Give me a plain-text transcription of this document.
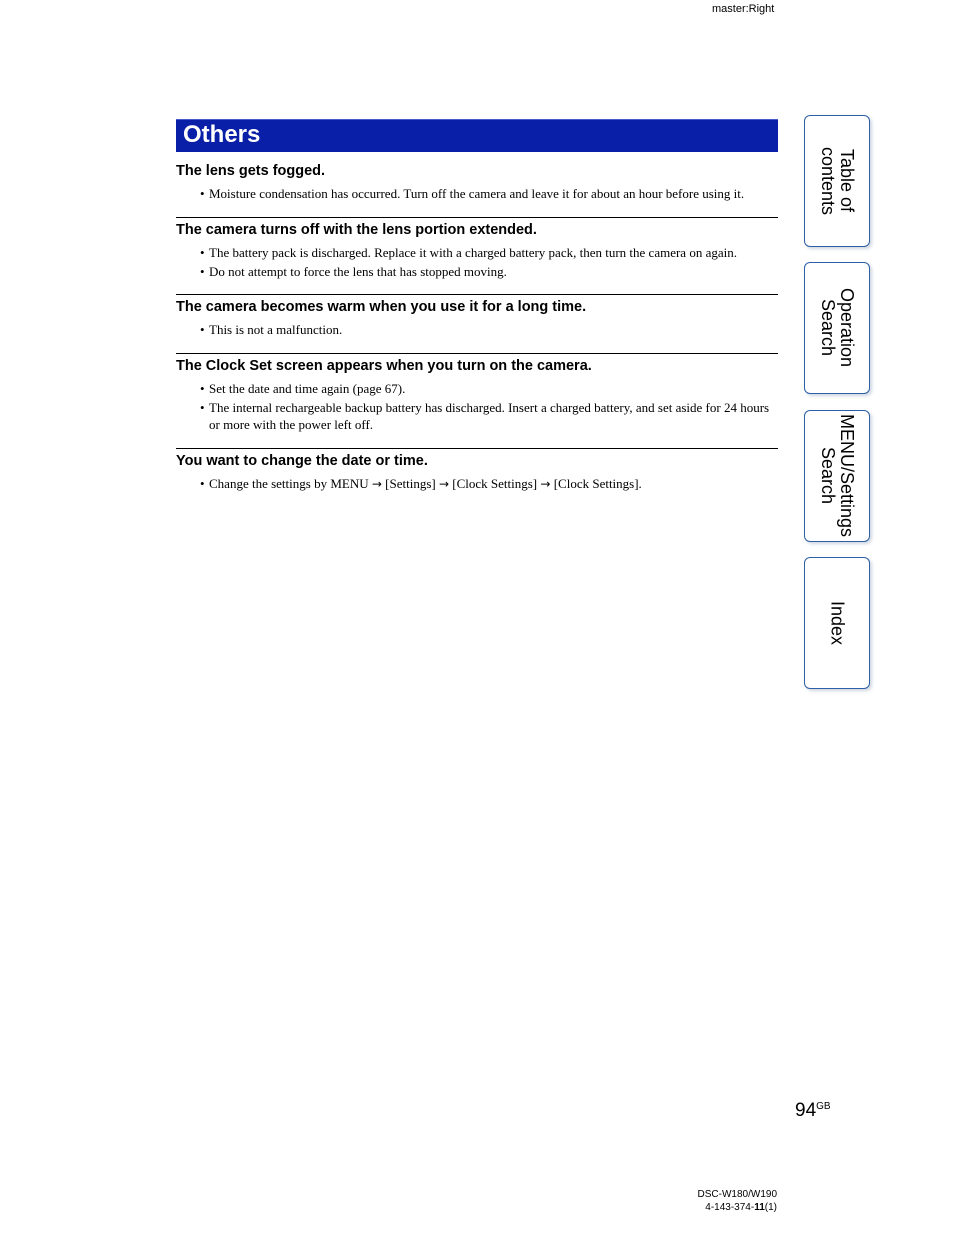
master:Right
Others
The lens gets fogged.
• Moisture condensation has occurred. Turn off the camera and leave it for about an hour before using it.
The camera turns off with the lens portion extended.
• The battery pack is discharged. Replace it with a charged battery pack, then turn the camera on again.
• Do not attempt to force the lens that has stopped moving.
The camera becomes warm when you use it for a long time.
• This is not a malfunction.
The Clock Set screen appears when you turn on the camera.
• Set the date and time again (page 67).
• The internal rechargeable backup battery has discharged. Insert a charged battery, and set aside for 24 hours or more with the power left off.
You want to change the date or time.
• Change the settings by MENU → [Settings] → [Clock Settings] → [Clock Settings].
Table of contents
Operation Search
MENU/Settings Search
Index
$94^{GB}$
DSC-W180/W190
4-143-374-11(1)
